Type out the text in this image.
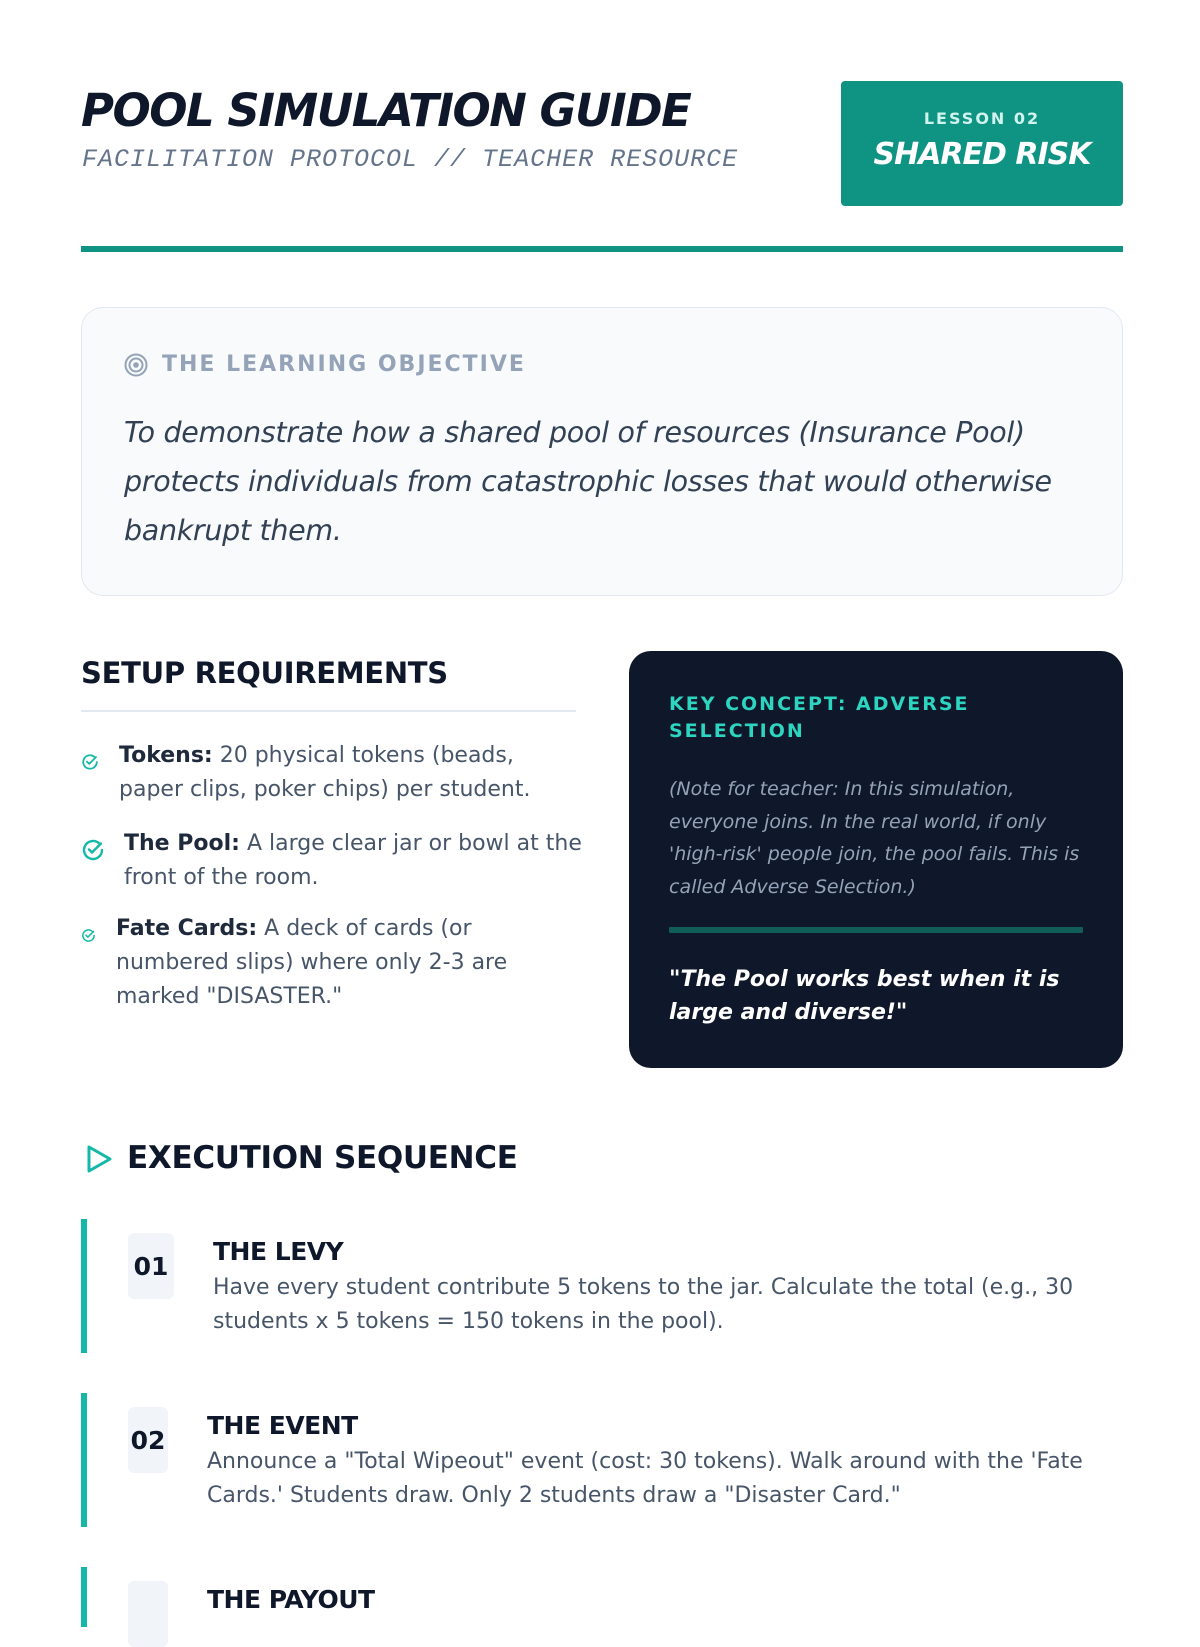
POOL SIMULATION GUIDE
FACILITATION PROTOCOL // TEACHER RESOURCE
LESSON 02
SHARED RISK
THE LEARNING OBJECTIVE
To demonstrate how a shared pool of resources (Insurance Pool) protects individuals from catastrophic losses that would otherwise bankrupt them.
SETUP REQUIREMENTS
Tokens: 20 physical tokens (beads, paper clips, poker chips) per student.
The Pool: A large clear jar or bowl at the front of the room.
Fate Cards: A deck of cards (or numbered slips) where only 2-3 are marked "DISASTER."
KEY CONCEPT: ADVERSE SELECTION
(Note for teacher: In this simulation, everyone joins. In the real world, if only 'high-risk' people join, the pool fails. This is called Adverse Selection.)
"The Pool works best when it is large and diverse!"
EXECUTION SEQUENCE
01 THE LEVY
Have every student contribute 5 tokens to the jar. Calculate the total (e.g., 30 students x 5 tokens = 150 tokens in the pool).
02 THE EVENT
Announce a "Total Wipeout" event (cost: 30 tokens). Walk around with the 'Fate Cards.' Students draw. Only 2 students draw a "Disaster Card."
03 THE PAYOUT
